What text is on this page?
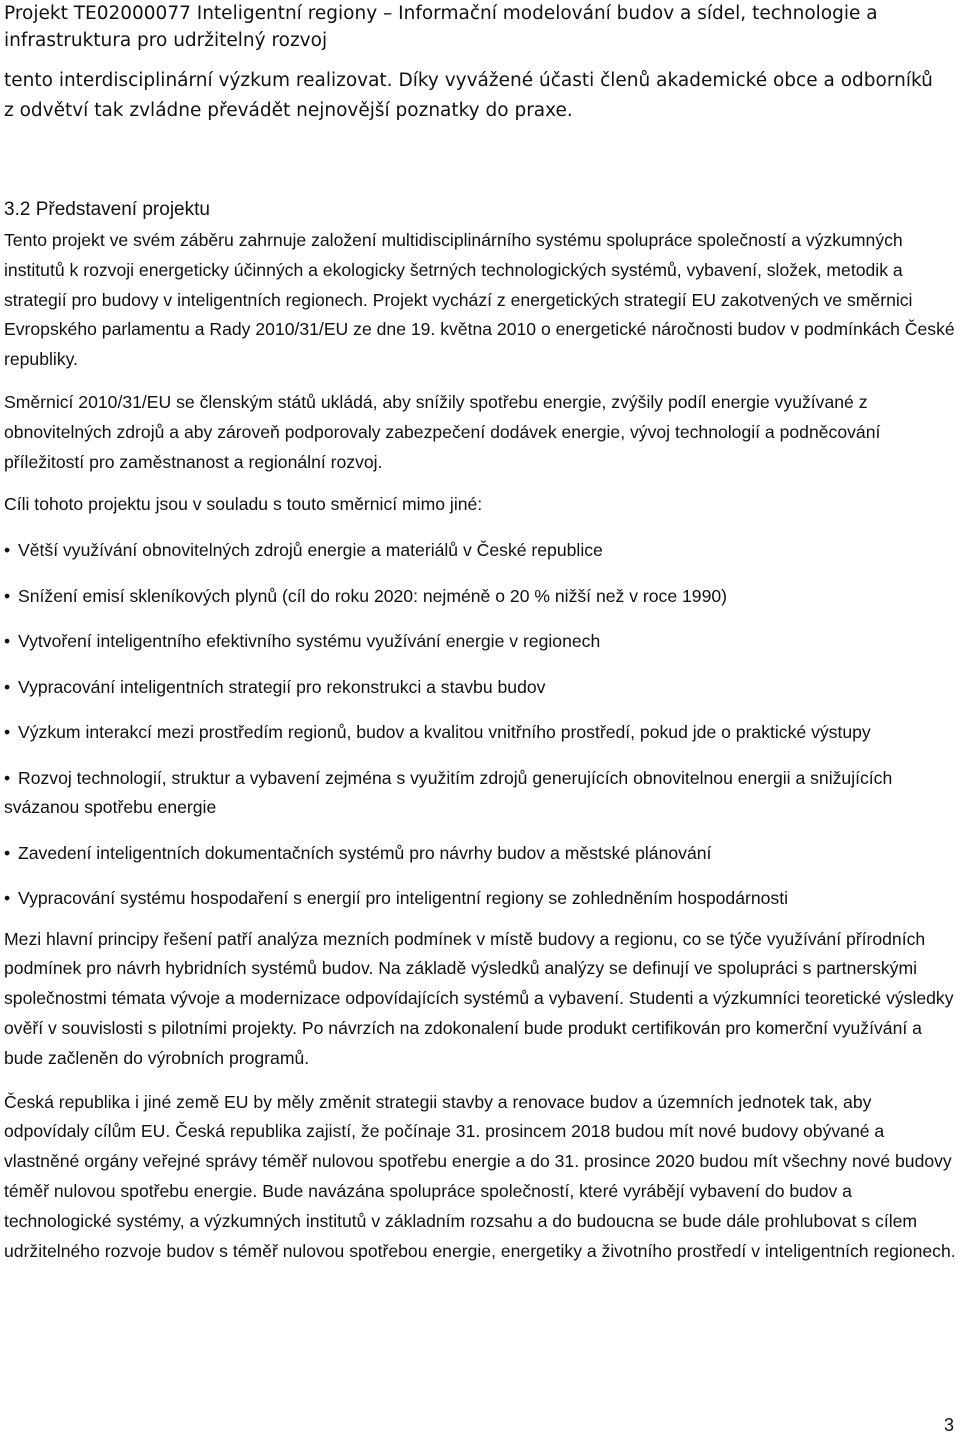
Projekt TE02000077 Inteligentní regiony – Informační modelování budov a sídel, technologie a infrastruktura pro udržitelný rozvoj

tento interdisciplinární výzkum realizovat. Díky vyvážené účasti členů akademické obce a odborníků z odvětví tak zvládne převádět nejnovější poznatky do praxe.

3.2 Představení projektu

Tento projekt ve svém záběru zahrnuje založení multidisciplinárního systému spolupráce společností a výzkumných institutů k rozvoji energeticky účinných a ekologicky šetrných technologických systémů, vybavení, složek, metodik a strategií pro budovy v inteligentních regionech. Projekt vychází z energetických strategií EU zakotvených ve směrnici Evropského parlamentu a Rady 2010/31/EU ze dne 19. května 2010 o energetické náročnosti budov v podmínkách České republiky.

Směrnicí 2010/31/EU se členským států ukládá, aby snížily spotřebu energie, zvýšily podíl energie využívané z obnovitelných zdrojů a aby zároveň podporovaly zabezpečení dodávek energie, vývoj technologií a podněcování příležitostí pro zaměstnanost a regionální rozvoj.

Cíli tohoto projektu jsou v souladu s touto směrnicí mimo jiné:

• Větší využívání obnovitelných zdrojů energie a materiálů v České republice
• Snížení emisí skleníkových plynů (cíl do roku 2020: nejméně o 20 % nižší než v roce 1990)
• Vytvoření inteligentního efektivního systému využívání energie v regionech
• Vypracování inteligentních strategií pro rekonstrukci a stavbu budov
• Výzkum interakcí mezi prostředím regionů, budov a kvalitou vnitřního prostředí, pokud jde o praktické výstupy
• Rozvoj technologií, struktur a vybavení zejména s využitím zdrojů generujících obnovitelnou energii a snižujících svázanou spotřebu energie
• Zavedení inteligentních dokumentačních systémů pro návrhy budov a městské plánování
• Vypracování systému hospodaření s energií pro inteligentní regiony se zohledněním hospodárnosti

Mezi hlavní principy řešení patří analýza mezních podmínek v místě budovy a regionu, co se týče využívání přírodních podmínek pro návrh hybridních systémů budov. Na základě výsledků analýzy se definují ve spolupráci s partnerskými společnostmi témata vývoje a modernizace odpovídajících systémů a vybavení. Studenti a výzkumníci teoretické výsledky ověří v souvislosti s pilotními projekty. Po návrzích na zdokonalení bude produkt certifikován pro komerční využívání a bude začleněn do výrobních programů.

Česká republika i jiné země EU by měly změnit strategii stavby a renovace budov a územních jednotek tak, aby odpovídaly cílům EU. Česká republika zajistí, že počínaje 31. prosincem 2018 budou mít nové budovy obývané a vlastněné orgány veřejné správy téměř nulovou spotřebu energie a do 31. prosince 2020 budou mít všechny nové budovy téměř nulovou spotřebu energie. Bude navázána spolupráce společností, které vyrábějí vybavení do budov a technologické systémy, a výzkumných institutů v základním rozsahu a do budoucna se bude dále prohlubovat s cílem udržitelného rozvoje budov s téměř nulovou spotřebou energie, energetiky a životního prostředí v inteligentních regionech.

3
